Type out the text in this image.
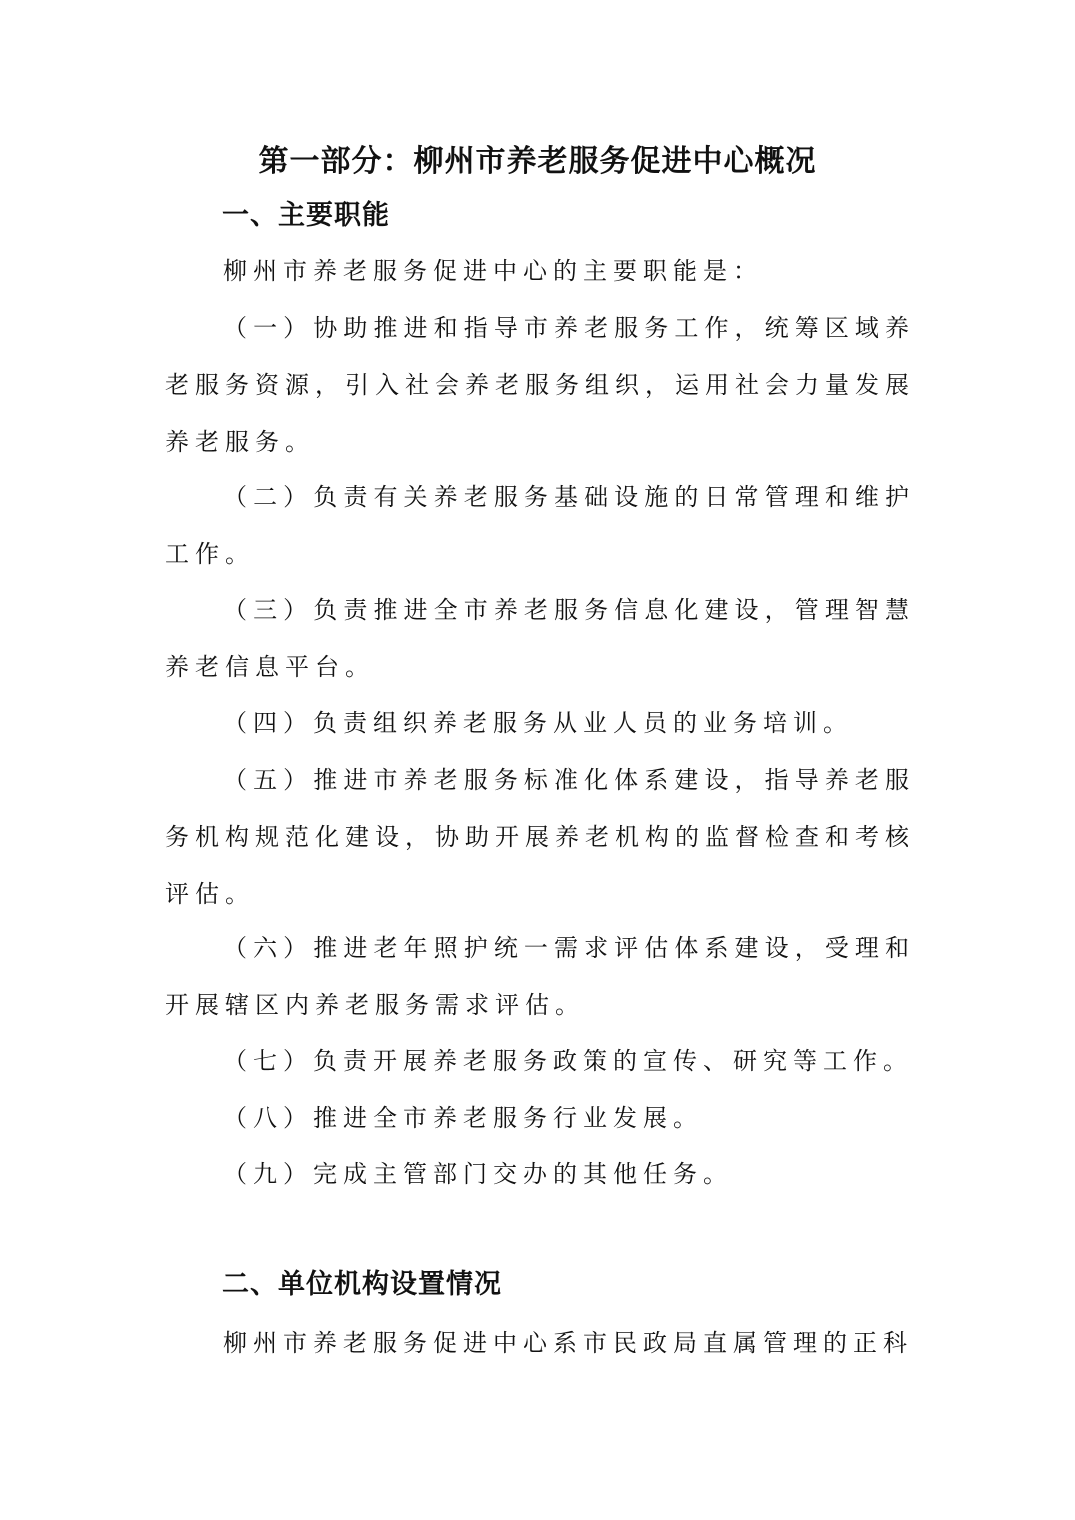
第一部分：柳州市养老服务促进中心概况
一、主要职能

柳州市养老服务促进中心的主要职能是：

（一）协助推进和指导市养老服务工作，统筹区域养老服务资源，引入社会养老服务组织，运用社会力量发展养老服务。

（二）负责有关养老服务基础设施的日常管理和维护工作。

（三）负责推进全市养老服务信息化建设，管理智慧养老信息平台。

（四）负责组织养老服务从业人员的业务培训。

（五）推进市养老服务标准化体系建设，指导养老服务机构规范化建设，协助开展养老机构的监督检查和考核评估。

（六）推进老年照护统一需求评估体系建设，受理和开展辖区内养老服务需求评估。

（七）负责开展养老服务政策的宣传、研究等工作。

（八）推进全市养老服务行业发展。

（九）完成主管部门交办的其他任务。

二、单位机构设置情况

柳州市养老服务促进中心系市民政局直属管理的正科
